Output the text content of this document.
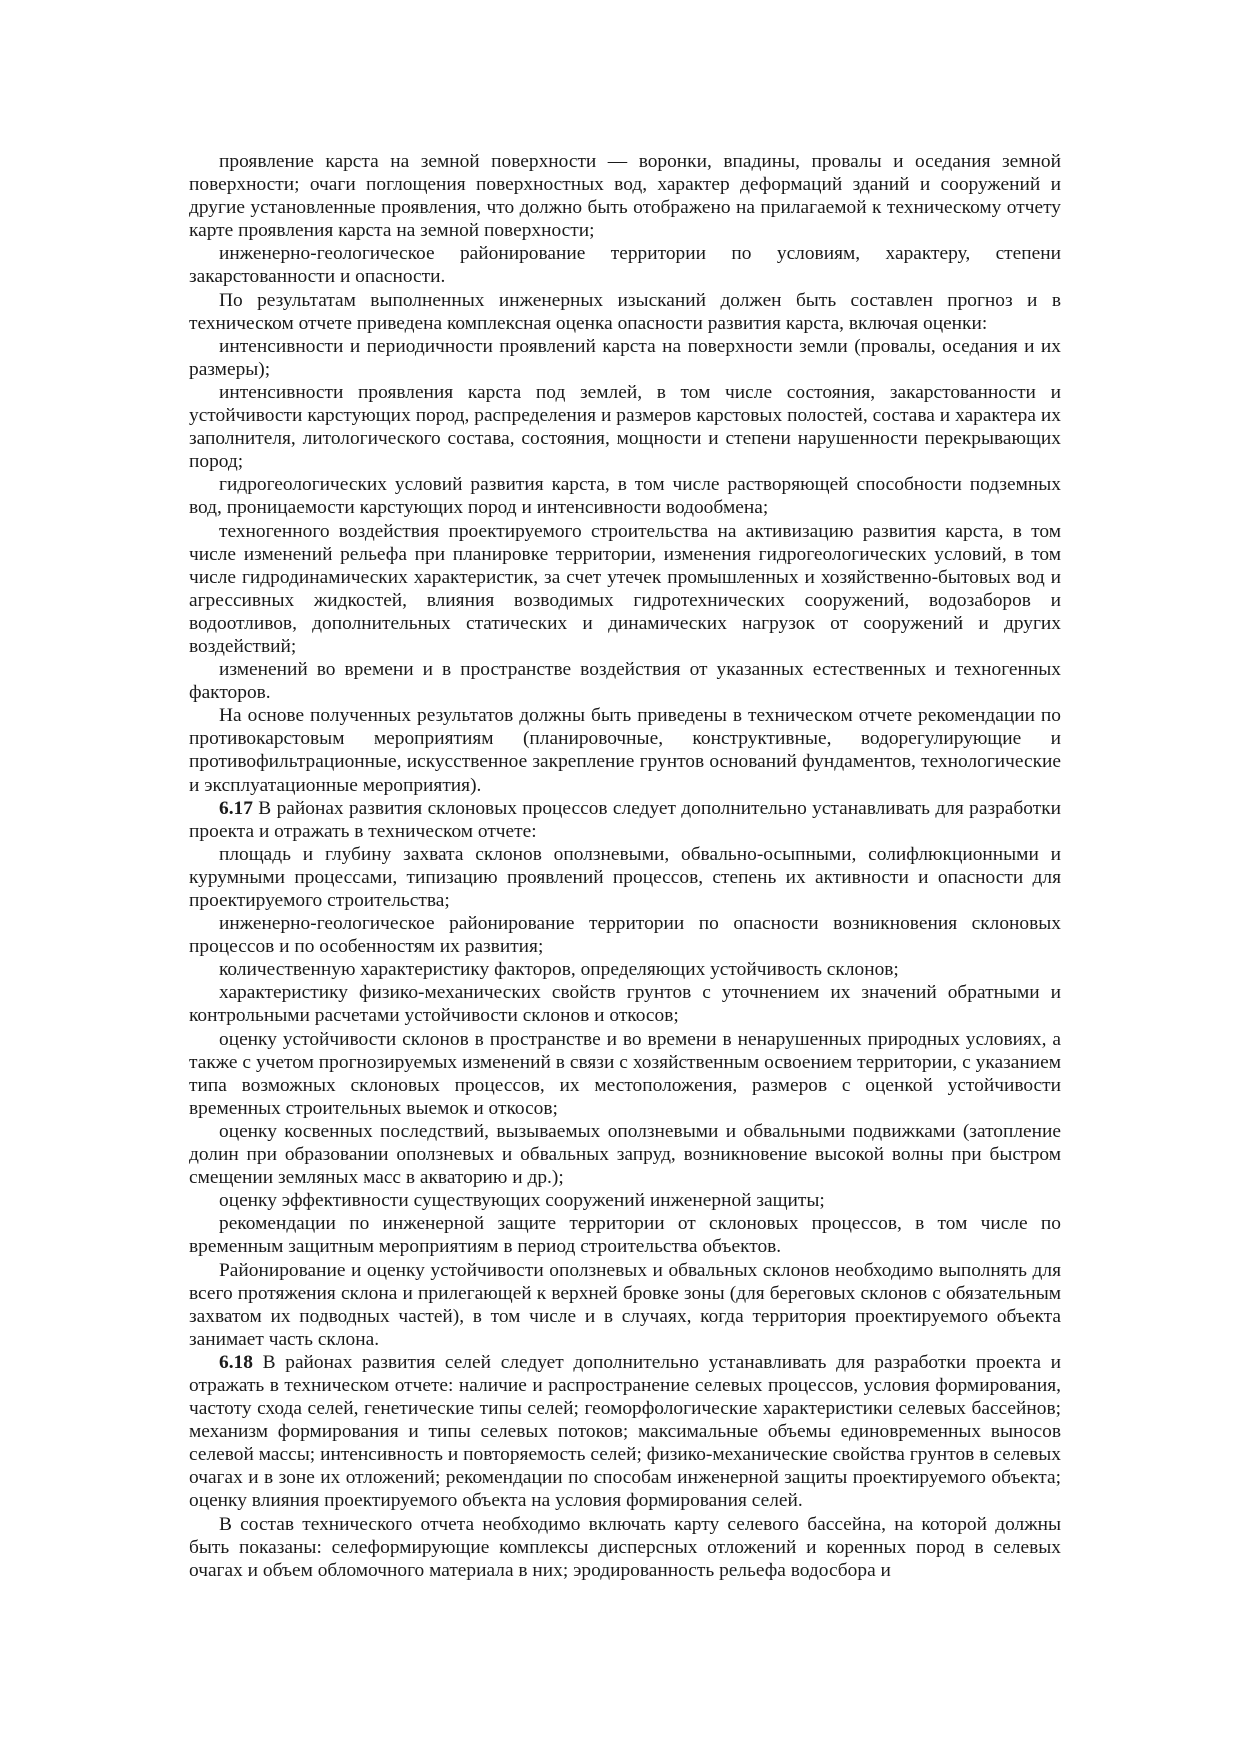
проявление карста на земной поверхности — воронки, впадины, провалы и оседания земной поверхности; очаги поглощения поверхностных вод, характер деформаций зданий и сооружений и другие установленные проявления, что должно быть отображено на прилагаемой к техническому отчету карте проявления карста на земной поверхности;

инженерно-геологическое районирование территории по условиям, характеру, степени закарстованности и опасности.

По результатам выполненных инженерных изысканий должен быть составлен прогноз и в техническом отчете приведена комплексная оценка опасности развития карста, включая оценки:

интенсивности и периодичности проявлений карста на поверхности земли (провалы, оседания и их размеры);

интенсивности проявления карста под землей, в том числе состояния, закарстованности и устойчивости карстующих пород, распределения и размеров карстовых полостей, состава и характера их заполнителя, литологического состава, состояния, мощности и степени нарушенности перекрывающих пород;

гидрогеологических условий развития карста, в том числе растворяющей способности подземных вод, проницаемости карстующих пород и интенсивности водообмена;

техногенного воздействия проектируемого строительства на активизацию развития карста, в том числе изменений рельефа при планировке территории, изменения гидрогеологических условий, в том числе гидродинамических характеристик, за счет утечек промышленных и хозяйственно-бытовых вод и агрессивных жидкостей, влияния возводимых гидротехнических сооружений, водозаборов и водоотливов, дополнительных статических и динамических нагрузок от сооружений и других воздействий;

изменений во времени и в пространстве воздействия от указанных естественных и техногенных факторов.

На основе полученных результатов должны быть приведены в техническом отчете рекомендации по противокарстовым мероприятиям (планировочные, конструктивные, водорегулирующие и противофильтрационные, искусственное закрепление грунтов оснований фундаментов, технологические и эксплуатационные мероприятия).

6.17 В районах развития склоновых процессов следует дополнительно устанавливать для разработки проекта и отражать в техническом отчете:

площадь и глубину захвата склонов оползневыми, обвально-осыпными, солифлюкционными и курумными процессами, типизацию проявлений процессов, степень их активности и опасности для проектируемого строительства;

инженерно-геологическое районирование территории по опасности возникновения склоновых процессов и по особенностям их развития;

количественную характеристику факторов, определяющих устойчивость склонов;

характеристику физико-механических свойств грунтов с уточнением их значений обратными и контрольными расчетами устойчивости склонов и откосов;

оценку устойчивости склонов в пространстве и во времени в ненарушенных природных условиях, а также с учетом прогнозируемых изменений в связи с хозяйственным освоением территории, с указанием типа возможных склоновых процессов, их местоположения, размеров с оценкой устойчивости временных строительных выемок и откосов;

оценку косвенных последствий, вызываемых оползневыми и обвальными подвижками (затопление долин при образовании оползневых и обвальных запруд, возникновение высокой волны при быстром смещении земляных масс в акваторию и др.);

оценку эффективности существующих сооружений инженерной защиты;

рекомендации по инженерной защите территории от склоновых процессов, в том числе по временным защитным мероприятиям в период строительства объектов.

Районирование и оценку устойчивости оползневых и обвальных склонов необходимо выполнять для всего протяжения склона и прилегающей к верхней бровке зоны (для береговых склонов с обязательным захватом их подводных частей), в том числе и в случаях, когда территория проектируемого объекта занимает часть склона.

6.18 В районах развития селей следует дополнительно устанавливать для разработки проекта и отражать в техническом отчете: наличие и распространение селевых процессов, условия формирования, частоту схода селей, генетические типы селей; геоморфологические характеристики селевых бассейнов; механизм формирования и типы селевых потоков; максимальные объемы единовременных выносов селевой массы; интенсивность и повторяемость селей; физико-механические свойства грунтов в селевых очагах и в зоне их отложений; рекомендации по способам инженерной защиты проектируемого объекта; оценку влияния проектируемого объекта на условия формирования селей.

В состав технического отчета необходимо включать карту селевого бассейна, на которой должны быть показаны: селеформирующие комплексы дисперсных отложений и коренных пород в селевых очагах и объем обломочного материала в них; эродированность рельефа водосбора и
